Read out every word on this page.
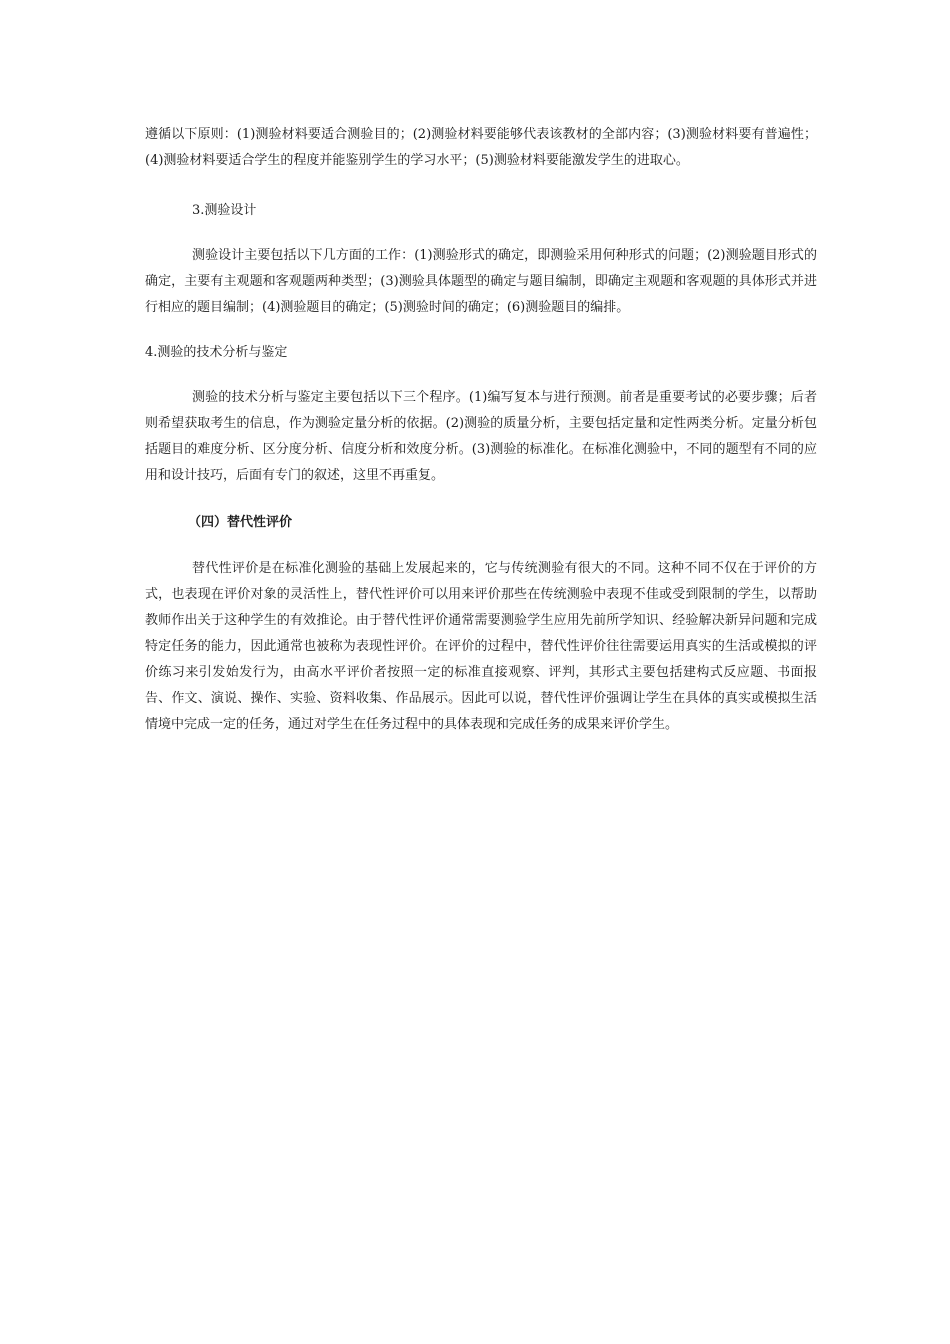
遵循以下原则：(1)测验材料要适合测验目的；(2)测验材料要能够代表该教材的全部内容；(3)测验材料要有普遍性；(4)测验材料要适合学生的程度并能鉴别学生的学习水平；(5)测验材料要能激发学生的进取心。

3.测验设计

测验设计主要包括以下几方面的工作：(1)测验形式的确定，即测验采用何种形式的问题；(2)测验题目形式的确定，主要有主观题和客观题两种类型；(3)测验具体题型的确定与题目编制，即确定主观题和客观题的具体形式并进行相应的题目编制；(4)测验题目的确定；(5)测验时间的确定；(6)测验题目的编排。

4.测验的技术分析与鉴定

测验的技术分析与鉴定主要包括以下三个程序。(1)编写复本与进行预测。前者是重要考试的必要步骤；后者则希望获取考生的信息，作为测验定量分析的依据。(2)测验的质量分析，主要包括定量和定性两类分析。定量分析包括题目的难度分析、区分度分析、信度分析和效度分析。(3)测验的标准化。在标准化测验中，不同的题型有不同的应用和设计技巧，后面有专门的叙述，这里不再重复。

（四）替代性评价

替代性评价是在标准化测验的基础上发展起来的，它与传统测验有很大的不同。这种不同不仅在于评价的方式，也表现在评价对象的灵活性上，替代性评价可以用来评价那些在传统测验中表现不佳或受到限制的学生，以帮助教师作出关于这种学生的有效推论。由于替代性评价通常需要测验学生应用先前所学知识、经验解决新异问题和完成特定任务的能力，因此通常也被称为表现性评价。在评价的过程中，替代性评价往往需要运用真实的生活或模拟的评价练习来引发始发行为，由高水平评价者按照一定的标准直接观察、评判，其形式主要包括建构式反应题、书面报告、作文、演说、操作、实验、资料收集、作品展示。因此可以说，替代性评价强调让学生在具体的真实或模拟生活情境中完成一定的任务，通过对学生在任务过程中的具体表现和完成任务的成果来评价学生。
